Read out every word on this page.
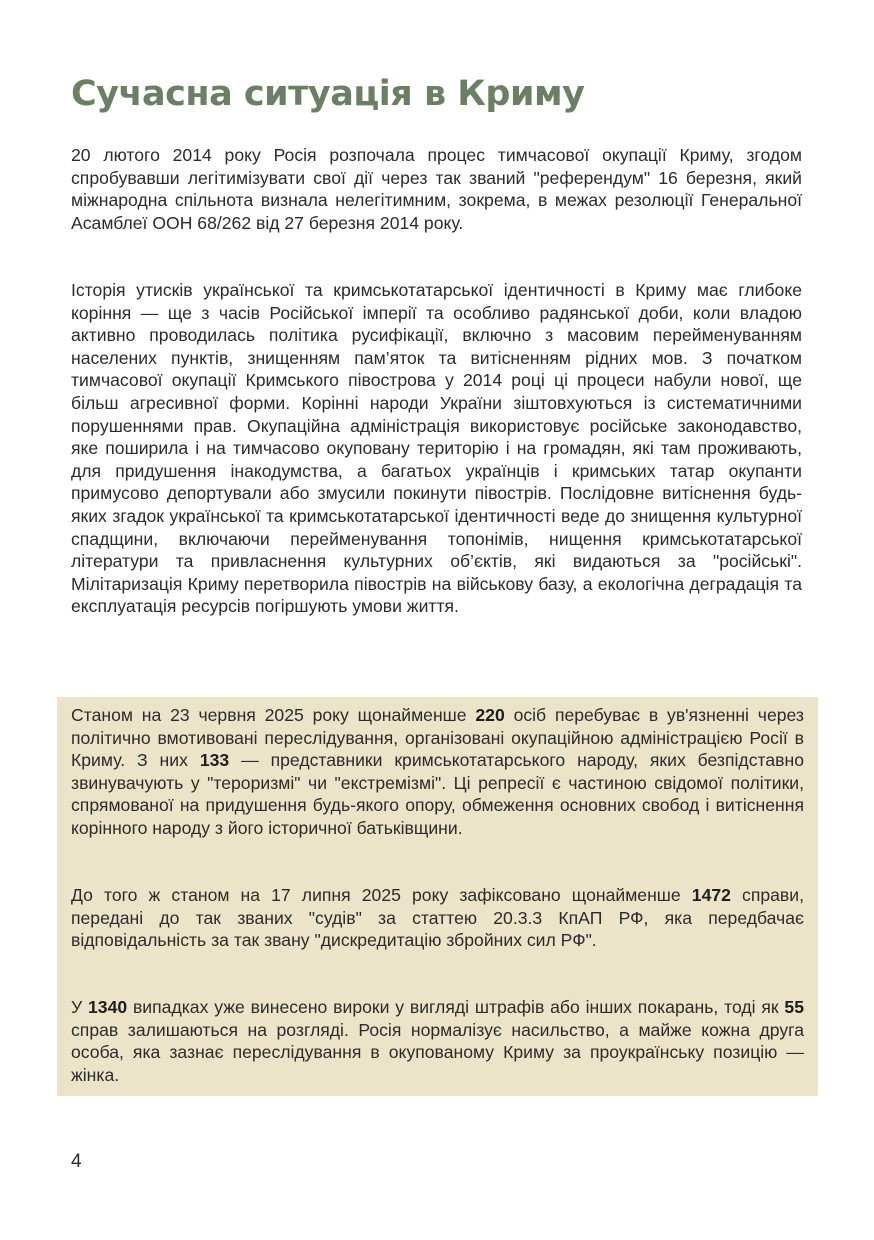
Сучасна ситуація в Криму

20 лютого 2014 року Росія розпочала процес тимчасової окупації Криму, згодом спробувавши легітимізувати свої дії через так званий "референдум" 16 березня, який міжнародна спільнота визнала нелегітимним, зокрема, в межах резолюції Генеральної Асамблеї ООН 68/262 від 27 березня 2014 року.

Історія утисків української та кримськотатарської ідентичності в Криму має глибоке коріння — ще з часів Російської імперії та особливо радянської доби, коли владою активно проводилась політика русифікації, включно з масовим перейменуванням населених пунктів, знищенням пам’яток та витісненням рідних мов. З початком тимчасової окупації Кримського півострова у 2014 році ці процеси набули нової, ще більш агресивної форми. Корінні народи України зіштовхуються із систематичними порушеннями прав. Окупаційна адміністрація використовує російське законодавство, яке поширила і на тимчасово окуповану територію і на громадян, які там проживають, для придушення інакодумства, а багатьох українців і кримських татар окупанти примусово депортували або змусили покинути півострів. Послідовне витіснення будь-яких згадок української та кримськотатарської ідентичності веде до знищення культурної спадщини, включаючи перейменування топонімів, нищення кримськотатарської літератури та привласнення культурних об’єктів, які видаються за "російські". Мілітаризація Криму перетворила півострів на військову базу, а екологічна деградація та експлуатація ресурсів погіршують умови життя.

Станом на 23 червня 2025 року щонайменше 220 осіб перебуває в ув'язненні через політично вмотивовані переслідування, організовані окупаційною адміністрацією Росії в Криму. З них 133 — представники кримськотатарського народу, яких безпідставно звинувачують у "тероризмі" чи "екстремізмі". Ці репресії є частиною свідомої політики, спрямованої на придушення будь-якого опору, обмеження основних свобод і витіснення корінного народу з його історичної батьківщини.

До того ж станом на 17 липня 2025 року зафіксовано щонайменше 1472 справи, передані до так званих "судів" за статтею 20.3.3 КпАП РФ, яка передбачає відповідальність за так звану "дискредитацію збройних сил РФ".

У 1340 випадках уже винесено вироки у вигляді штрафів або інших покарань, тоді як 55 справ залишаються на розгляді. Росія нормалізує насильство, а майже кожна друга особа, яка зазнає переслідування в окупованому Криму за проукраїнську позицію — жінка.

4
